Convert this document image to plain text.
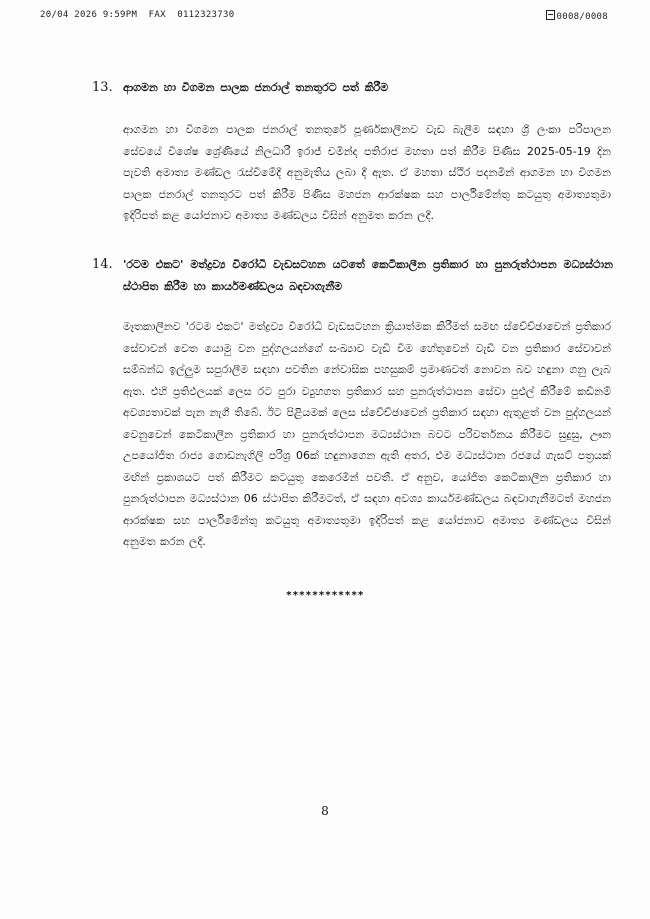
20/04 2026 9:59PM  FAX  0112323730	0008/0008
13. ආගමන හා විගමන පාලක ජනරාල් තනතුරට පත් කිරීම
ආගමන හා විගමන පාලක ජනරාල් තනතුරේ පූර්ණකාලීනව වැඩ බැලීම සඳහා ශ්‍රී ලංකා පරිපාලන සේවයේ විශේෂ ශ්‍රේණියේ නිලධාරී ඉරාජ් චමින්ද පතිරාජ මහතා පත් කිරීම පිණිස 2025-05-19 දින පැවති අමාත්‍ය මණ්ඩල රැස්වීමේදී අනුමැතිය ලබා දී ඇත. ඒ මහතා ස්ථිර පදනමින් ආගමන හා විගමන පාලක ජනරාල් තනතුරට පත් කිරීම පිණිස මහජන ආරක්ෂක සහ පාර්ලිමේන්තු කටයුතු අමාත්‍යතුමා ඉදිරිපත් කළ යෝජනාව අමාත්‍ය මණ්ඩලය විසින් අනුමත කරන ලදී.
14. 'රටම එකට' මත්ද්‍රව්‍ය විරෝධී වැඩසටහන යටතේ කෙටිකාලීන ප්‍රතිකාර හා පුනරුත්ථාපන මධ්‍යස්ථාන ස්ථාපිත කිරීම හා කාර්යමණ්ඩලය බඳවාගැනීම
මෑතකාලීනව 'රටම එකට' මත්ද්‍රව්‍ය විරෝධී වැඩසටහන ක්‍රියාත්මක කිරීමත් සමඟ ස්වේච්ඡාවෙන් ප්‍රතිකාර සේවාවන් වෙත යොමු වන පුද්ගලයන්ගේ සංඛ්‍යාව වැඩි වීම හේතුවෙන් වැඩි වන ප්‍රතිකාර සේවාවන් සම්බන්ධ ඉල්ලුම සපුරාලීම සඳහා පවතින නේවාසික පහසුකම් ප්‍රමාණවත් නොවන බව හඳුනා ගනු ලැබ ඇත. එහි ප්‍රතිඵලයක් ලෙස රට පුරා ව්‍යුහගත ප්‍රතිකාර සහ පුනරුත්ථාපන සේවා පුළුල් කිරීමේ කඩිනම් අවශ්‍යතාවක් පැන නැගී තිබේ. ඊට පිළියමක් ලෙස ස්වේච්ඡාවෙන් ප්‍රතිකාර සඳහා ඇතුළත් වන පුද්ගලයන් වෙනුවෙන් කෙටිකාලීන ප්‍රතිකාර හා පුනරුත්ථාපන මධ්‍යස්ථාන බවට පරිවර්තනය කිරීමට සුදුසු, ඌන උපයෝජිත රාජ්‍ය ගොඩනැගිලි පරිශ්‍ර 06ක් හඳුනාගෙන ඇති අතර, එම මධ්‍යස්ථාන රජයේ ගැසට් පත්‍රයක් මඟින් ප්‍රකාශයට පත් කිරීමට කටයුතු කෙරෙමින් පවතී. ඒ අනුව, යෝජිත කෙටිකාලීන ප්‍රතිකාර හා පුනරුත්ථාපන මධ්‍යස්ථාන 06 ස්ථාපිත කිරීමටත්, ඒ සඳහා අවශ්‍ය කාර්යමණ්ඩලය බඳවාගැනීමටත් මහජන ආරක්ෂක සහ පාර්ලිමේන්තු කටයුතු අමාත්‍යතුමා ඉදිරිපත් කළ යෝජනාව අමාත්‍ය මණ්ඩලය විසින් අනුමත කරන ලදී.
************
8
